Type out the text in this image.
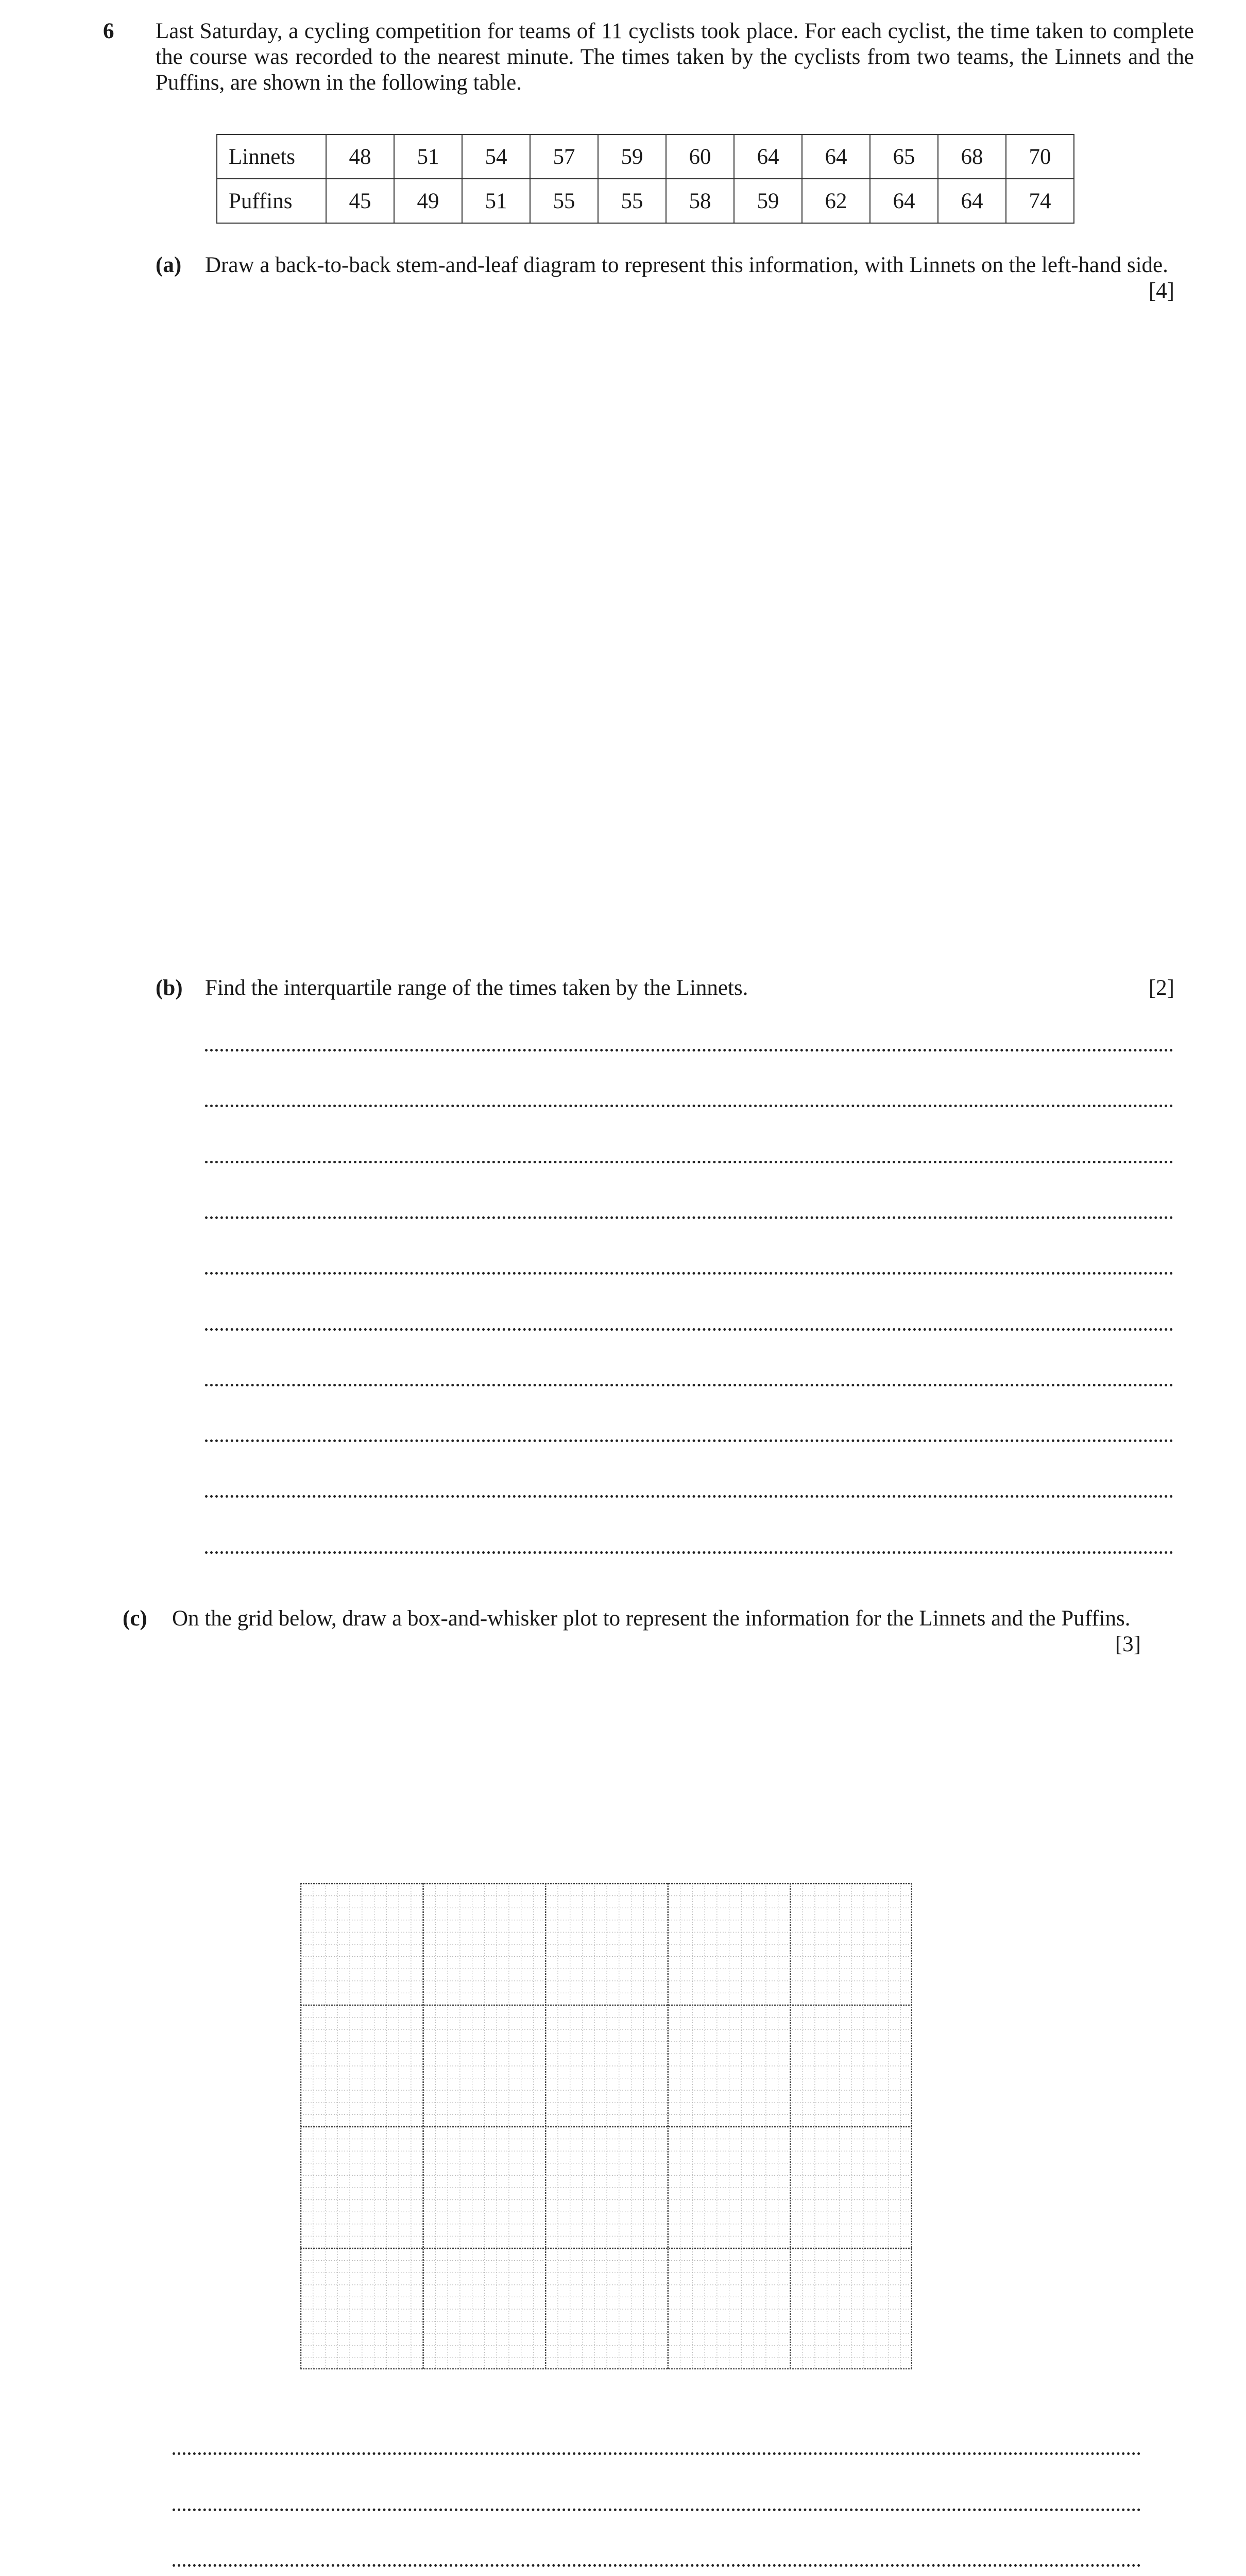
6 Last Saturday, a cycling competition for teams of 11 cyclists took place. For each cyclist, the time taken to complete the course was recorded to the nearest minute. The times taken by the cyclists from two teams, the Linnets and the Puffins, are shown in the following table.
Linnets	48	51	54	57	59	60	64	64	65	68	70
Puffins	45	49	51	55	55	58	59	62	64	64	74
(a) Draw a back-to-back stem-and-leaf diagram to represent this information, with Linnets on the left-hand side.
[4]
(b) Find the interquartile range of the times taken by the Linnets.	[2]
(c) On the grid below, draw a box-and-whisker plot to represent the information for the Linnets and the Puffins.
[3]
